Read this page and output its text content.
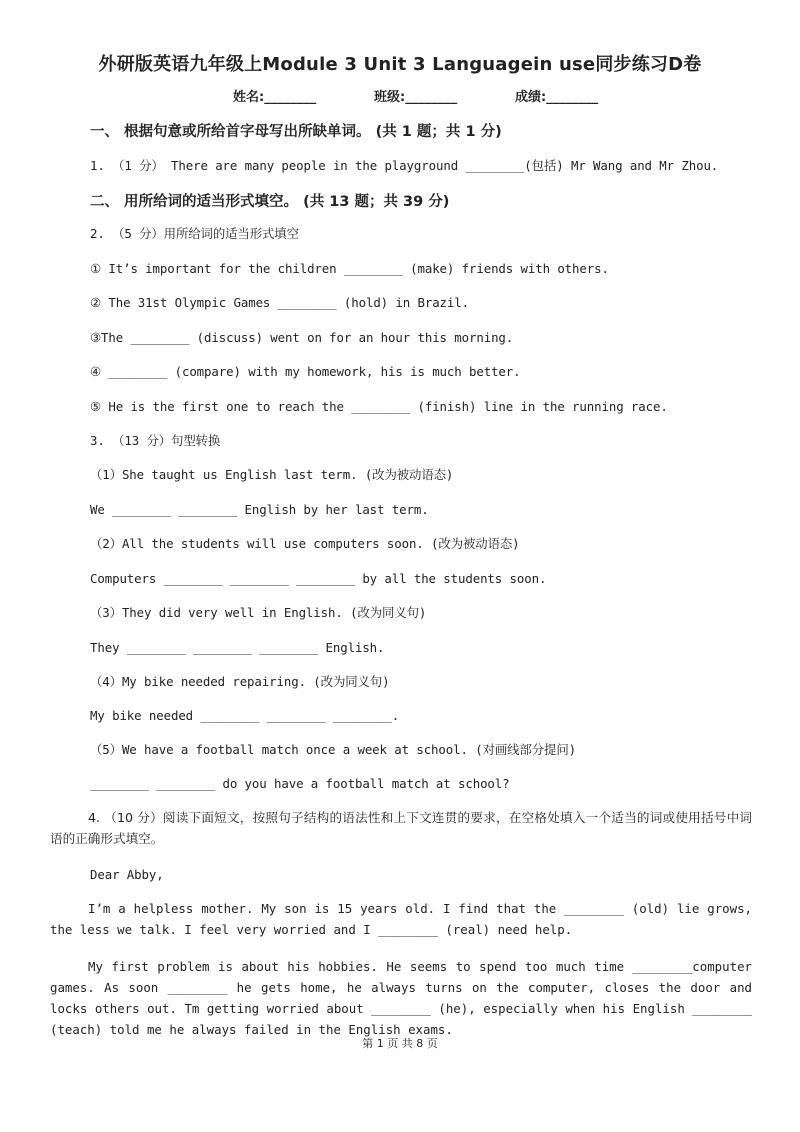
外研版英语九年级上Module 3 Unit 3 Languagein use同步练习D卷
姓名:________	班级:________	成绩:________
一、 根据句意或所给首字母写出所缺单词。 (共 1 题；共 1 分)
1. （1 分） There are many people in the playground ________(包括) Mr Wang and Mr Zhou.
二、 用所给词的适当形式填空。 (共 13 题；共 39 分)
2. （5 分）用所给词的适当形式填空
① It’s important for the children ________ (make) friends with others.
② The 31st Olympic Games ________ (hold) in Brazil.
③The ________ (discuss) went on for an hour this morning.
④ ________ (compare) with my homework, his is much better.
⑤ He is the first one to reach the ________ (finish) line in the running race.
3. （13 分）句型转换
（1）She taught us English last term. (改为被动语态)
We ________ ________ English by her last term.
（2）All the students will use computers soon. (改为被动语态)
Computers ________ ________ ________ by all the students soon.
（3）They did very well in English. (改为同义句)
They ________ ________ ________ English.
（4）My bike needed repairing. (改为同义句)
My bike needed ________ ________ ________.
（5）We have a football match once a week at school. (对画线部分提问)
________ ________ do you have a football match at school?
4. （10 分）阅读下面短文，按照句子结构的语法性和上下文连贯的要求，在空格处填入一个适当的词或使用括号中词语的正确形式填空。
Dear Abby,
I’m a helpless mother. My son is 15 years old. I find that the ________ (old) lie grows, the less we talk. I feel very worried and I ________ (real) need help.
My first problem is about his hobbies. He seems to spend too much time ________computer games. As soon ________ he gets home, he always turns on the computer, closes the door and locks others out. Tm getting worried about ________ (he), especially when his English ________ (teach) told me he always failed in the English exams.
第 1 页 共 8 页
